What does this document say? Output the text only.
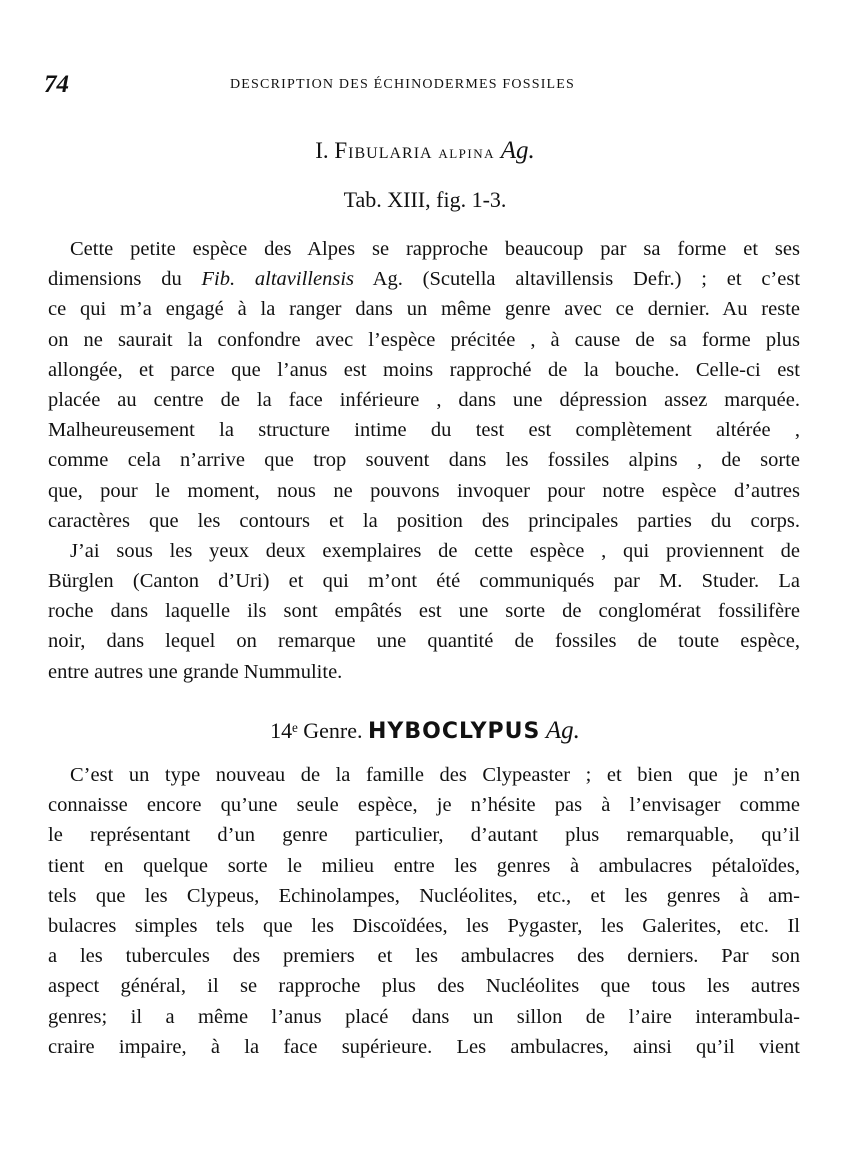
74	DESCRIPTION DES ÉCHINODERMES FOSSILES
I. Fibularia alpina Ag.
Tab. XIII, fig. 1-3.
Cette petite espèce des Alpes se rapproche beaucoup par sa forme et ses
dimensions du Fib. altavillensis Ag. (Scutella altavillensis Defr.) ; et c’est
ce qui m’a engagé à la ranger dans un même genre avec ce dernier. Au reste
on ne saurait la confondre avec l’espèce précitée , à cause de sa forme plus
allongée, et parce que l’anus est moins rapproché de la bouche. Celle-ci est
placée au centre de la face inférieure , dans une dépression assez marquée.
Malheureusement la structure intime du test est complètement altérée ,
comme cela n’arrive que trop souvent dans les fossiles alpins , de sorte
que, pour le moment, nous ne pouvons invoquer pour notre espèce d’autres
caractères que les contours et la position des principales parties du corps.
J’ai sous les yeux deux exemplaires de cette espèce , qui proviennent de
Bürglen (Canton d’Uri) et qui m’ont été communiqués par M. Studer. La
roche dans laquelle ils sont empâtés est une sorte de conglomérat fossilifère
noir, dans lequel on remarque une quantité de fossiles de toute espèce,
entre autres une grande Nummulite.
14ᵉ Genre. HYBOCLYPUS Ag.
C’est un type nouveau de la famille des Clypeaster ; et bien que je n’en
connaisse encore qu’une seule espèce, je n’hésite pas à l’envisager comme
le représentant d’un genre particulier, d’autant plus remarquable, qu’il
tient en quelque sorte le milieu entre les genres à ambulacres pétaloïdes,
tels que les Clypeus, Echinolampes, Nucléolites, etc., et les genres à am-
bulacres simples tels que les Discoïdées, les Pygaster, les Galerites, etc. Il
a les tubercules des premiers et les ambulacres des derniers. Par son
aspect général, il se rapproche plus des Nucléolites que tous les autres
genres; il a même l’anus placé dans un sillon de l’aire interambula-
craire impaire, à la face supérieure. Les ambulacres, ainsi qu’il vient
